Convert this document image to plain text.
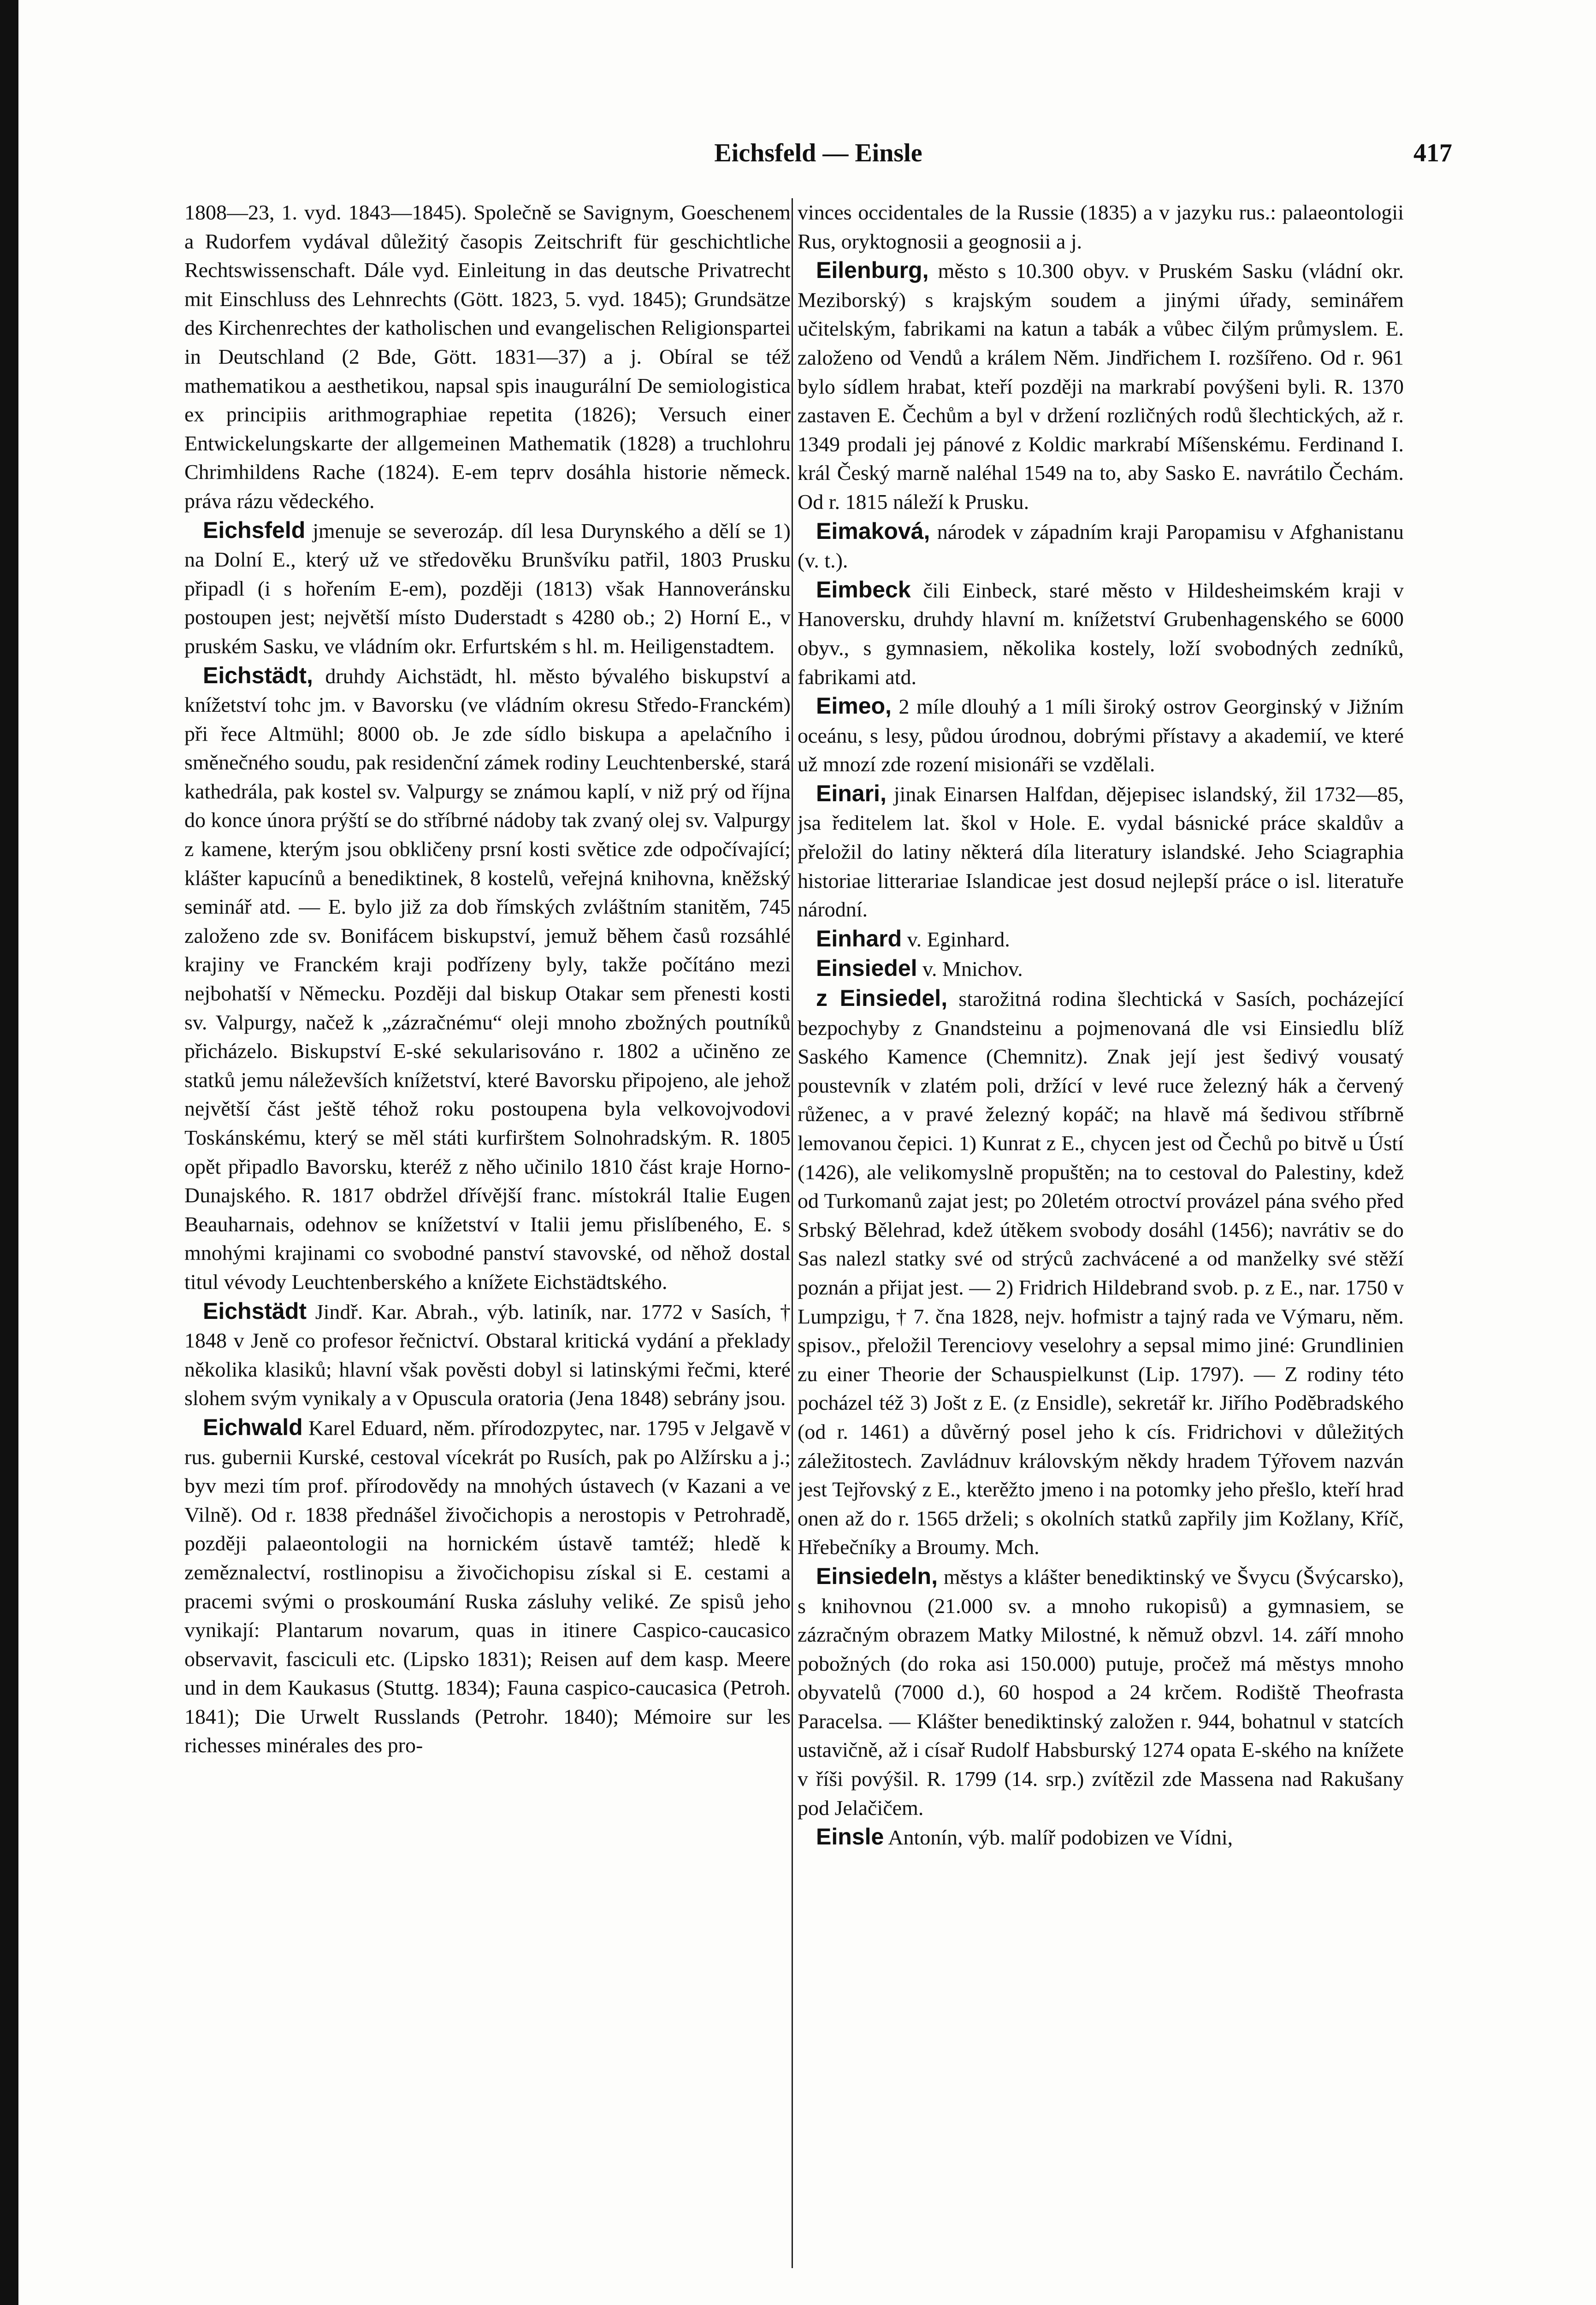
Eichsfeld — Einsle	417

1808—23, 1. vyd. 1843—1845). Společně se Savignym, Goeschenem a Rudorfem vydával důležitý časopis Zeitschrift für geschichtliche Rechtswissenschaft. Dále vyd. Einleitung in das deutsche Privatrecht mit Einschluss des Lehnrechts (Gött. 1823, 5. vyd. 1845); Grundsätze des Kirchenrechtes der katholischen und evangelischen Religionspartei in Deutschland (2 Bde, Gött. 1831—37) a j. Obíral se též mathematikou a aesthetikou, napsal spis inaugurální De semiologistica ex principiis arithmographiae repetita (1826); Versuch einer Entwickelungskarte der allgemeinen Mathematik (1828) a truchlohru Chrimhildens Rache (1824). E-em teprv dosáhla historie německ. práva rázu vědeckého.

Eichsfeld jmenuje se severozáp. díl lesa Durynského a dělí se 1) na Dolní E., který už ve středověku Brunšvíku patřil, 1803 Prusku připadl (i s hořením E-em), později (1813) však Hannoveránsku postoupen jest; největší místo Duderstadt s 4280 ob.; 2) Horní E., v pruském Sasku, ve vládním okr. Erfurtském s hl. m. Heiligenstadtem.

Eichstädt, druhdy Aichstädt, hl. město bývalého biskupství a knížetství tohc jm. v Bavorsku (ve vládním okresu Středo-Franckém) při řece Altmühl; 8000 ob. Je zde sídlo biskupa a apelačního i směnečného soudu, pak residenční zámek rodiny Leuchtenberské, stará kathedrála, pak kostel sv. Valpurgy se známou kaplí, v niž prý od října do konce února prýští se do stříbrné nádoby tak zvaný olej sv. Valpurgy z kamene, kterým jsou obkličeny prsní kosti světice zde odpočívající; klášter kapucínů a benediktinek, 8 kostelů, veřejná knihovna, kněžský seminář atd. — E. bylo již za dob římských zvláštním stanitěm, 745 založeno zde sv. Bonifácem biskupství, jemuž během časů rozsáhlé krajiny ve Franckém kraji podřízeny byly, takže počítáno mezi nejbohatší v Německu. Později dal biskup Otakar sem přenesti kosti sv. Valpurgy, načež k „zázračnému“ oleji mnoho zbožných poutníků přicházelo. Biskupství E-ské sekularisováno r. 1802 a učiněno ze statků jemu náleževších knížetství, které Bavorsku připojeno, ale jehož největší část ještě téhož roku postoupena byla velkovojvodovi Toskánskému, který se měl státi kurfirštem Solnohradským. R. 1805 opět připadlo Bavorsku, kteréž z něho učinilo 1810 část kraje Horno-Dunajského. R. 1817 obdržel dřívější franc. místokrál Italie Eugen Beauharnais, odehnov se knížetství v Italii jemu přislíbeného, E. s mnohými krajinami co svobodné panství stavovské, od něhož dostal titul vévody Leuchtenberského a knížete Eichstädtského.

Eichstädt Jindř. Kar. Abrah., výb. latiník, nar. 1772 v Sasích, † 1848 v Jeně co profesor řečnictví. Obstaral kritická vydání a překlady několika klasiků; hlavní však pověsti dobyl si latinskými řečmi, které slohem svým vynikaly a v Opuscula oratoria (Jena 1848) sebrány jsou.

Eichwald Karel Eduard, něm. přírodozpytec, nar. 1795 v Jelgavě v rus. gubernii Kurské, cestoval vícekrát po Rusích, pak po Alžírsku a j.; byv mezi tím prof. přírodovědy na mnohých ústavech (v Kazani a ve Vilně). Od r. 1838 přednášel živočichopis a nerostopis v Petrohradě, později palaeontologii na hornickém ústavě tamtéž; hledě k zeměznalectví, rostlinopisu a živočichopisu získal si E. cestami a pracemi svými o proskoumání Ruska zásluhy veliké. Ze spisů jeho vynikají: Plantarum novarum, quas in itinere Caspico-caucasico observavit, fasciculi etc. (Lipsko 1831); Reisen auf dem kasp. Meere und in dem Kaukasus (Stuttg. 1834); Fauna caspico-caucasica (Petroh. 1841); Die Urwelt Russlands (Petrohr. 1840); Mémoire sur les richesses minérales des pro-

vinces occidentales de la Russie (1835) a v jazyku rus.: palaeontologii Rus, oryktognosii a geognosii a j.

Eilenburg, město s 10.300 obyv. v Pruském Sasku (vládní okr. Meziborský) s krajským soudem a jinými úřady, seminářem učitelským, fabrikami na katun a tabák a vůbec čilým průmyslem. E. založeno od Vendů a králem Něm. Jindřichem I. rozšířeno. Od r. 961 bylo sídlem hrabat, kteří později na markrabí povýšeni byli. R. 1370 zastaven E. Čechům a byl v držení rozličných rodů šlechtických, až r. 1349 prodali jej pánové z Koldic markrabí Míšenskému. Ferdinand I. král Český marně naléhal 1549 na to, aby Sasko E. navrátilo Čechám. Od r. 1815 náleží k Prusku.

Eimaková, národek v západním kraji Paropamisu v Afghanistanu (v. t.).

Eimbeck čili Einbeck, staré město v Hildesheimském kraji v Hanoversku, druhdy hlavní m. knížetství Grubenhagenského se 6000 obyv., s gymnasiem, několika kostely, loží svobodných zedníků, fabrikami atd.

Eimeo, 2 míle dlouhý a 1 míli široký ostrov Georginský v Jižním oceánu, s lesy, půdou úrodnou, dobrými přístavy a akademií, ve které už mnozí zde rození misionáři se vzdělali.

Einari, jinak Einarsen Halfdan, dějepisec islandský, žil 1732—85, jsa ředitelem lat. škol v Hole. E. vydal básnické práce skaldův a přeložil do latiny některá díla literatury islandské. Jeho Sciagraphia historiae litterariae Islandicae jest dosud nejlepší práce o isl. literatuře národní.

Einhard v. Eginhard.

Einsiedel v. Mnichov.

z Einsiedel, starožitná rodina šlechtická v Sasích, pocházející bezpochyby z Gnandsteinu a pojmenovaná dle vsi Einsiedlu blíž Saského Kamence (Chemnitz). Znak její jest šedivý vousatý poustevník v zlatém poli, držící v levé ruce železný hák a červený růženec, a v pravé železný kopáč; na hlavě má šedivou stříbrně lemovanou čepici. 1) Kunrat z E., chycen jest od Čechů po bitvě u Ústí (1426), ale velikomyslně propuštěn; na to cestoval do Palestiny, kdež od Turkomanů zajat jest; po 20letém otroctví provázel pána svého před Srbský Bělehrad, kdež útěkem svobody dosáhl (1456); navrátiv se do Sas nalezl statky své od strýců zachvácené a od manželky své stěží poznán a přijat jest. — 2) Fridrich Hildebrand svob. p. z E., nar. 1750 v Lumpzigu, † 7. čna 1828, nejv. hofmistr a tajný rada ve Výmaru, něm. spisov., přeložil Terenciovy veselohry a sepsal mimo jiné: Grundlinien zu einer Theorie der Schauspielkunst (Lip. 1797). — Z rodiny této pocházel též 3) Jošt z E. (z Ensidle), sekretář kr. Jiřího Poděbradského (od r. 1461) a důvěrný posel jeho k cís. Fridrichovi v důležitých záležitostech. Zavládnuv královským někdy hradem Týřovem nazván jest Tejřovský z E., kterěžto jmeno i na potomky jeho přešlo, kteří hrad onen až do r. 1565 drželi; s okolních statků zapřily jim Kožlany, Kříč, Hřebečníky a Broumy. Mch.

Einsiedeln, městys a klášter benediktinský ve Švycu (Švýcarsko), s knihovnou (21.000 sv. a mnoho rukopisů) a gymnasiem, se zázračným obrazem Matky Milostné, k němuž obzvl. 14. září mnoho pobožných (do roka asi 150.000) putuje, pročež má městys mnoho obyvatelů (7000 d.), 60 hospod a 24 krčem. Rodiště Theofrasta Paracelsa. — Klášter benediktinský založen r. 944, bohatnul v statcích ustavičně, až i císař Rudolf Habsburský 1274 opata E-ského na knížete v říši povýšil. R. 1799 (14. srp.) zvítězil zde Massena nad Rakušany pod Jelačičem.

Einsle Antonín, výb. malíř podobizen ve Vídni,
